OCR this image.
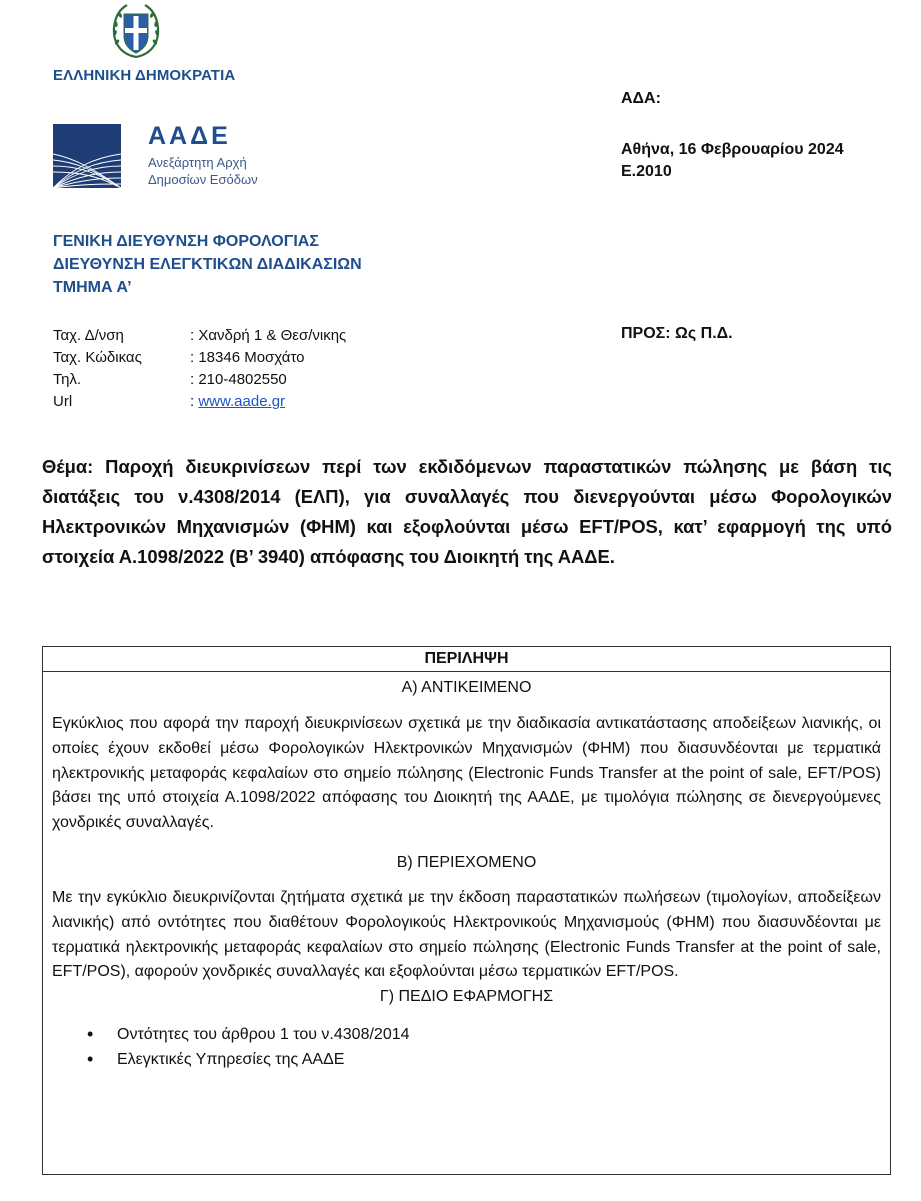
ΕΛΛΗΝΙΚΗ ΔΗΜΟΚΡΑΤΙΑ
ΑΑΔΕ
Ανεξάρτητη Αρχή
Δημοσίων Εσόδων
ΑΔΑ:
Αθήνα, 16 Φεβρουαρίου 2024
Ε.2010
ΓΕΝΙΚΗ ΔΙΕΥΘΥΝΣΗ ΦΟΡΟΛΟΓΙΑΣ
ΔΙΕΥΘΥΝΣΗ ΕΛΕΓΚΤΙΚΩΝ ΔΙΑΔΙΚΑΣΙΩΝ
ΤΜΗΜΑ Α’
Ταχ. Δ/νση	: Χανδρή 1 & Θεσ/νικης
Ταχ. Κώδικας	: 18346 Μοσχάτο
Τηλ.	: 210-4802550
Url	: www.aade.gr
ΠΡΟΣ: Ως Π.Δ.
Θέμα: Παροχή διευκρινίσεων περί των εκδιδόμενων παραστατικών πώλησης με βάση τις διατάξεις του ν.4308/2014 (ΕΛΠ), για συναλλαγές που διενεργούνται μέσω Φορολογικών Ηλεκτρονικών Μηχανισμών (ΦΗΜ) και εξοφλούνται μέσω EFT/POS, κατ’ εφαρμογή της υπό στοιχεία Α.1098/2022 (Β’ 3940) απόφασης του Διοικητή της ΑΑΔΕ.
ΠΕΡΙΛΗΨΗ
Α) ΑΝΤΙΚΕΙΜΕΝΟ
Εγκύκλιος που αφορά την παροχή διευκρινίσεων σχετικά με την διαδικασία αντικατάστασης αποδείξεων λιανικής, οι οποίες έχουν εκδοθεί μέσω Φορολογικών Ηλεκτρονικών Μηχανισμών (ΦΗΜ) που διασυνδέονται με τερματικά ηλεκτρονικής μεταφοράς κεφαλαίων στο σημείο πώλησης (Electronic Funds Transfer at the point of sale, EFT/POS) βάσει της υπό στοιχεία Α.1098/2022 απόφασης του Διοικητή της ΑΑΔΕ, με τιμολόγια πώλησης σε διενεργούμενες χονδρικές συναλλαγές.
Β) ΠΕΡΙΕΧΟΜΕΝΟ
Με την εγκύκλιο διευκρινίζονται ζητήματα σχετικά με την έκδοση παραστατικών πωλήσεων (τιμολογίων, αποδείξεων λιανικής) από οντότητες που διαθέτουν Φορολογικούς Ηλεκτρονικούς Μηχανισμούς (ΦΗΜ) που διασυνδέονται με τερματικά ηλεκτρονικής μεταφοράς κεφαλαίων στο σημείο πώλησης (Electronic Funds Transfer at the point of sale, EFT/POS), αφορούν χονδρικές συναλλαγές και εξοφλούνται μέσω τερματικών EFT/POS.
Γ) ΠΕΔΙΟ ΕΦΑΡΜΟΓΗΣ
• Οντότητες του άρθρου 1 του ν.4308/2014
• Ελεγκτικές Υπηρεσίες της ΑΑΔΕ
